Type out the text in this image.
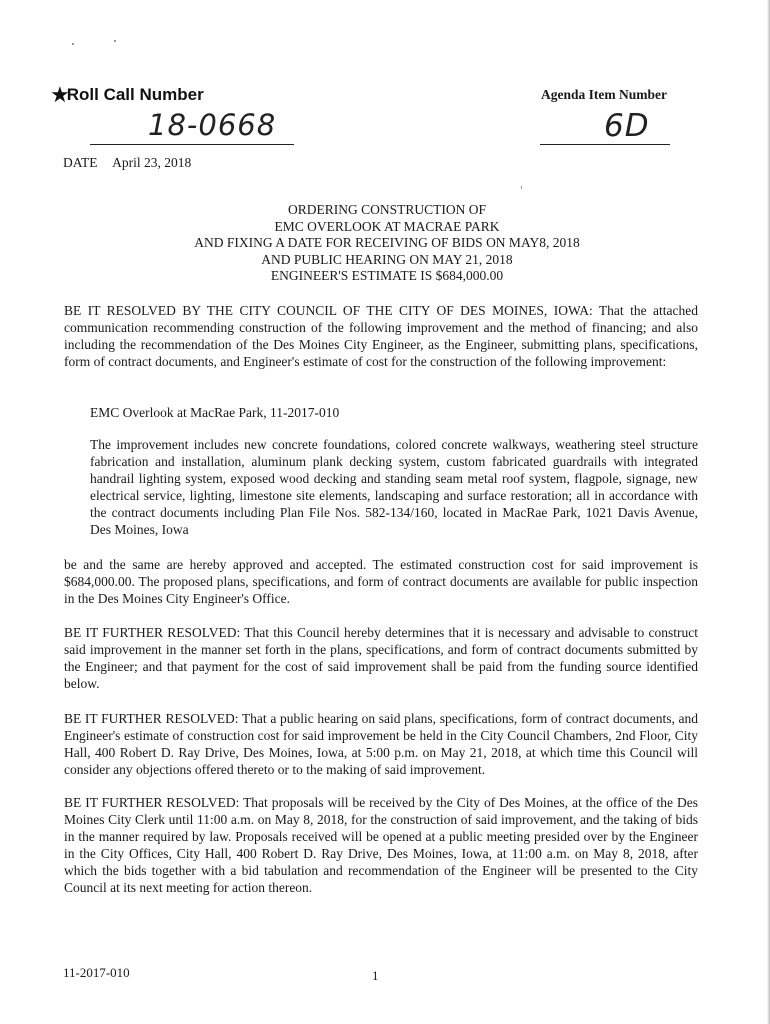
★
Roll Call Number	Agenda Item Number
18-0668	6D
DATE April 23, 2018
ORDERING CONSTRUCTION OF
EMC OVERLOOK AT MACRAE PARK
AND FIXING A DATE FOR RECEIVING OF BIDS ON MAY8, 2018
AND PUBLIC HEARING ON MAY 21, 2018
ENGINEER'S ESTIMATE IS $684,000.00
BE IT RESOLVED BY THE CITY COUNCIL OF THE CITY OF DES MOINES, IOWA: That the attached communication recommending construction of the following improvement and the method of financing; and also including the recommendation of the Des Moines City Engineer, as the Engineer, submitting plans, specifications, form of contract documents, and Engineer's estimate of cost for the construction of the following improvement:
EMC Overlook at MacRae Park, 11-2017-010
The improvement includes new concrete foundations, colored concrete walkways, weathering steel structure fabrication and installation, aluminum plank decking system, custom fabricated guardrails with integrated handrail lighting system, exposed wood decking and standing seam metal roof system, flagpole, signage, new electrical service, lighting, limestone site elements, landscaping and surface restoration; all in accordance with the contract documents including Plan File Nos. 582-134/160, located in MacRae Park, 1021 Davis Avenue, Des Moines, Iowa
be and the same are hereby approved and accepted. The estimated construction cost for said improvement is $684,000.00. The proposed plans, specifications, and form of contract documents are available for public inspection in the Des Moines City Engineer's Office.
BE IT FURTHER RESOLVED: That this Council hereby determines that it is necessary and advisable to construct said improvement in the manner set forth in the plans, specifications, and form of contract documents submitted by the Engineer; and that payment for the cost of said improvement shall be paid from the funding source identified below.
BE IT FURTHER RESOLVED: That a public hearing on said plans, specifications, form of contract documents, and Engineer's estimate of construction cost for said improvement be held in the City Council Chambers, 2nd Floor, City Hall, 400 Robert D. Ray Drive, Des Moines, Iowa, at 5:00 p.m. on May 21, 2018, at which time this Council will consider any objections offered thereto or to the making of said improvement.
BE IT FURTHER RESOLVED: That proposals will be received by the City of Des Moines, at the office of the Des Moines City Clerk until 11:00 a.m. on May 8, 2018, for the construction of said improvement, and the taking of bids in the manner required by law. Proposals received will be opened at a public meeting presided over by the Engineer in the City Offices, City Hall, 400 Robert D. Ray Drive, Des Moines, Iowa, at 11:00 a.m. on May 8, 2018, after which the bids together with a bid tabulation and recommendation of the Engineer will be presented to the City Council at its next meeting for action thereon.
11-2017-010	1
